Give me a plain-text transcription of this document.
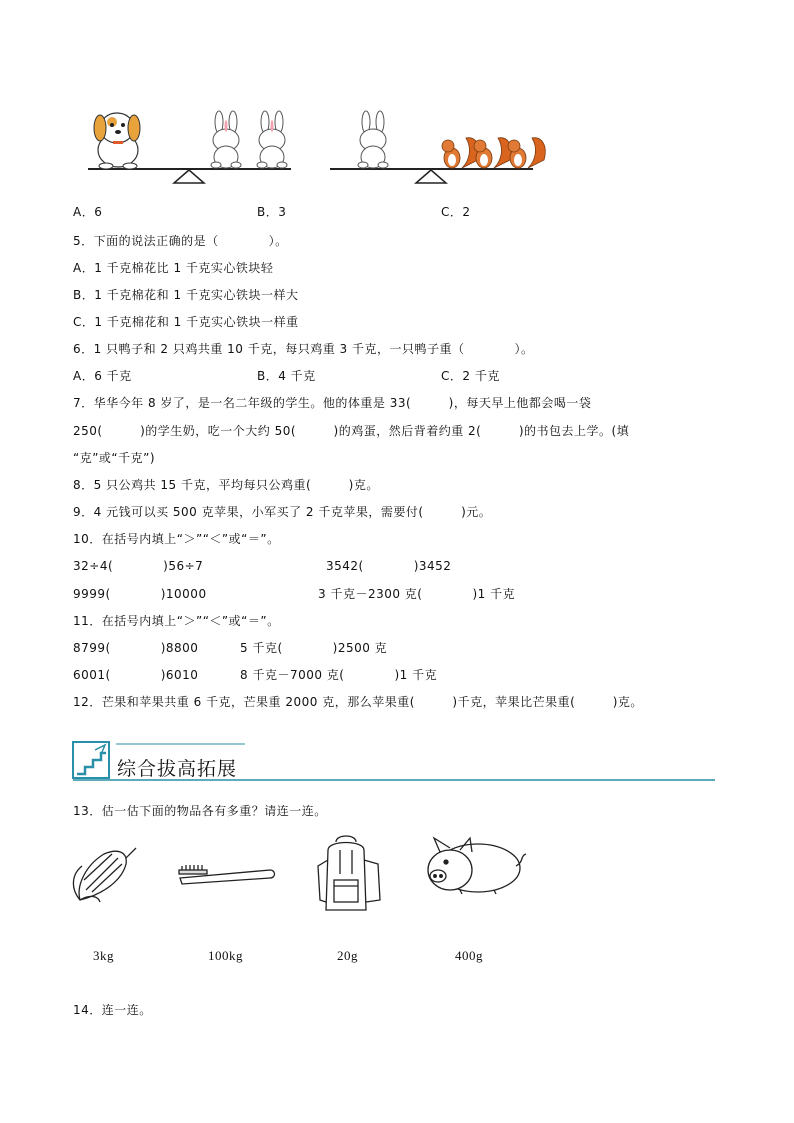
A．6	B．3	C．2
5．下面的说法正确的是（　　　　）。
A．1 千克棉花比 1 千克实心铁块轻
B．1 千克棉花和 1 千克实心铁块一样大
C．1 千克棉花和 1 千克实心铁块一样重
6．1 只鸭子和 2 只鸡共重 10 千克，每只鸡重 3 千克，一只鸭子重（　　　　）。
A．6 千克	B．4 千克	C．2 千克
7．华华今年 8 岁了，是一名二年级的学生。他的体重是 33(　　　)，每天早上他都会喝一袋
250(　　　)的学生奶，吃一个大约 50(　　　)的鸡蛋，然后背着约重 2(　　　)的书包去上学。(填
“克”或“千克”)
8．5 只公鸡共 15 千克，平均每只公鸡重(　　　)克。
9．4 元钱可以买 500 克苹果，小军买了 2 千克苹果，需要付(　　　)元。
10．在括号内填上“＞”“＜”或“＝”。
32÷4(　　　　)56÷7	3542(　　　　)3452
9999(　　　　)10000	3 千克－2300 克(　　　　)1 千克
11．在括号内填上“＞”“＜”或“＝”。
8799(　　　　)8800	5 千克(　　　　)2500 克
6001(　　　　)6010	8 千克－7000 克(　　　　)1 千克
12．芒果和苹果共重 6 千克，芒果重 2000 克，那么苹果重(　　　)千克，苹果比芒果重(　　　)克。
综合拔高拓展
13．估一估下面的物品各有多重？请连一连。
3kg	100kg	20g	400g
14．连一连。
